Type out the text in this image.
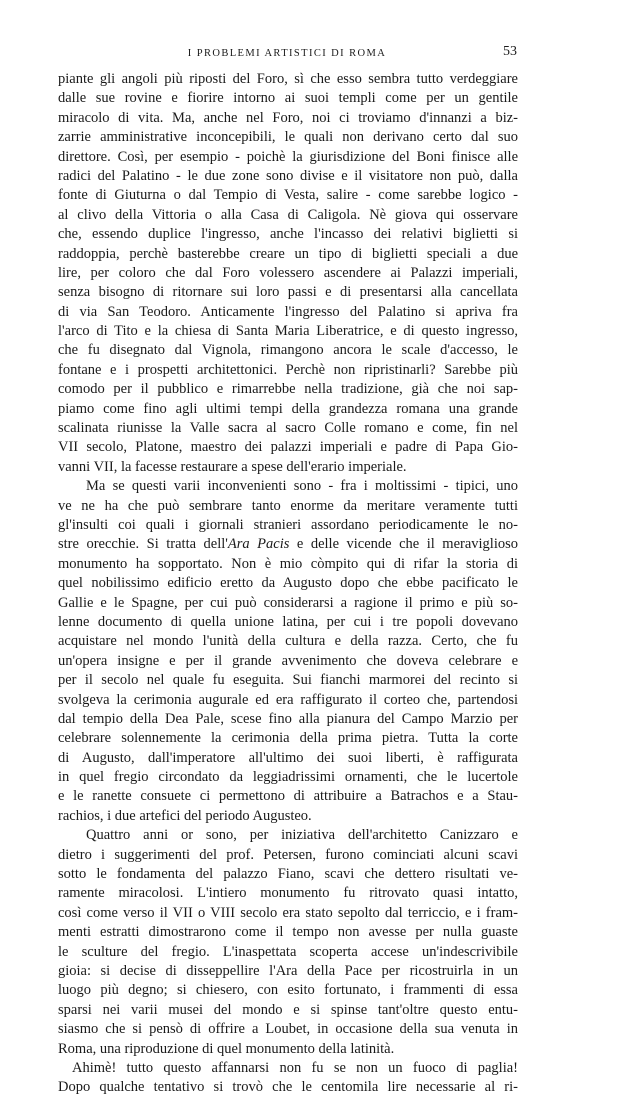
I PROBLEMI ARTISTICI DI ROMA	53
piante gli angoli più riposti del Foro, sì che esso sembra tutto verdeggiare
dalle sue rovine e fiorire intorno ai suoi templi come per un gentile
miracolo di vita. Ma, anche nel Foro, noi ci troviamo d'innanzi a biz-
zarrie amministrative inconcepibili, le quali non derivano certo dal suo
direttore. Così, per esempio - poichè la giurisdizione del Boni finisce alle
radici del Palatino - le due zone sono divise e il visitatore non può, dalla
fonte di Giuturna o dal Tempio di Vesta, salire - come sarebbe logico -
al clivo della Vittoria o alla Casa di Caligola. Nè giova qui osservare
che, essendo duplice l'ingresso, anche l'incasso dei relativi biglietti si
raddoppia, perchè basterebbe creare un tipo di biglietti speciali a due
lire, per coloro che dal Foro volessero ascendere ai Palazzi imperiali,
senza bisogno di ritornare sui loro passi e di presentarsi alla cancellata
di via San Teodoro. Anticamente l'ingresso del Palatino si apriva fra
l'arco di Tito e la chiesa di Santa Maria Liberatrice, e di questo ingresso,
che fu disegnato dal Vignola, rimangono ancora le scale d'accesso, le
fontane e i prospetti architettonici. Perchè non ripristinarli? Sarebbe più
comodo per il pubblico e rimarrebbe nella tradizione, già che noi sap-
piamo come fino agli ultimi tempi della grandezza romana una grande
scalinata riunisse la Valle sacra al sacro Colle romano e come, fin nel
VII secolo, Platone, maestro dei palazzi imperiali e padre di Papa Gio-
vanni VII, la facesse restaurare a spese dell'erario imperiale.
Ma se questi varii inconvenienti sono - fra i moltissimi - tipici, uno
ve ne ha che può sembrare tanto enorme da meritare veramente tutti
gl'insulti coi quali i giornali stranieri assordano periodicamente le no-
stre orecchie. Si tratta dell'Ara Pacis e delle vicende che il meraviglioso
monumento ha sopportato. Non è mio còmpito qui di rifar la storia di
quel nobilissimo edificio eretto da Augusto dopo che ebbe pacificato le
Gallie e le Spagne, per cui può considerarsi a ragione il primo e più so-
lenne documento di quella unione latina, per cui i tre popoli dovevano
acquistare nel mondo l'unità della cultura e della razza. Certo, che fu
un'opera insigne e per il grande avvenimento che doveva celebrare e
per il secolo nel quale fu eseguita. Sui fianchi marmorei del recinto si
svolgeva la cerimonia augurale ed era raffigurato il corteo che, partendosi
dal tempio della Dea Pale, scese fino alla pianura del Campo Marzio per
celebrare solennemente la cerimonia della prima pietra. Tutta la corte
di Augusto, dall'imperatore all'ultimo dei suoi liberti, è raffigurata
in quel fregio circondato da leggiadrissimi ornamenti, che le lucertole
e le ranette consuete ci permettono di attribuire a Batrachos e a Stau-
rachios, i due artefici del periodo Augusteo.
Quattro anni or sono, per iniziativa dell'architetto Canizzaro e
dietro i suggerimenti del prof. Petersen, furono cominciati alcuni scavi
sotto le fondamenta del palazzo Fiano, scavi che dettero risultati ve-
ramente miracolosi. L'intiero monumento fu ritrovato quasi intatto,
così come verso il VII o VIII secolo era stato sepolto dal terriccio, e i fram-
menti estratti dimostrarono come il tempo non avesse per nulla guaste
le sculture del fregio. L'inaspettata scoperta accese un'indescrivibile
gioia: si decise di disseppellire l'Ara della Pace per ricostruirla in un
luogo più degno; si chiesero, con esito fortunato, i frammenti di essa
sparsi nei varii musei del mondo e si spinse tant'oltre questo entu-
siasmo che si pensò di offrire a Loubet, in occasione della sua venuta in
Roma, una riproduzione di quel monumento della latinità.
Ahimè! tutto questo affannarsi non fu se non un fuoco di paglia!
Dopo qualche tentativo si trovò che le centomila lire necessarie al ri-
